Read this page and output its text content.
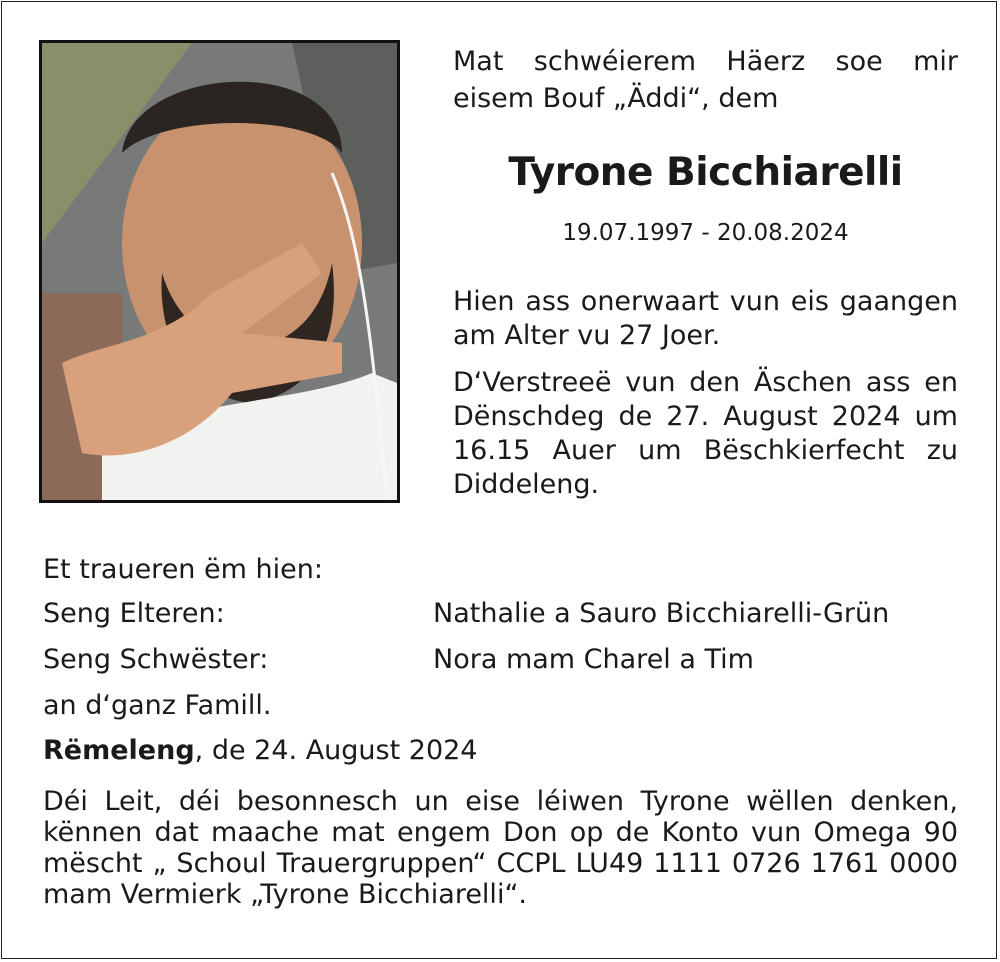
Mat schwéierem Häerz soe mir
eisem Bouf „Äddi“, dem
Tyrone Bicchiarelli
19.07.1997 - 20.08.2024
Hien ass onerwaart vun eis gaangen
am Alter vu 27 Joer.
D‘Verstreeë vun den Äschen ass en
Dënschdeg de 27. August 2024 um
16.15 Auer um Bëschkierfecht zu
Diddeleng.
Et traueren ëm hien:
Seng Elteren:	Nathalie a Sauro Bicchiarelli-Grün
Seng Schwëster:	Nora mam Charel a Tim
an d‘ganz Famill.
Rëmeleng, de 24. August 2024
Déi Leit, déi besonnesch un eise léiwen Tyrone wëllen denken,
kënnen dat maache mat engem Don op de Konto vun Omega 90
mëscht „ Schoul Trauergruppen“ CCPL LU49 1111 0726 1761 0000
mam Vermierk „Tyrone Bicchiarelli“.
